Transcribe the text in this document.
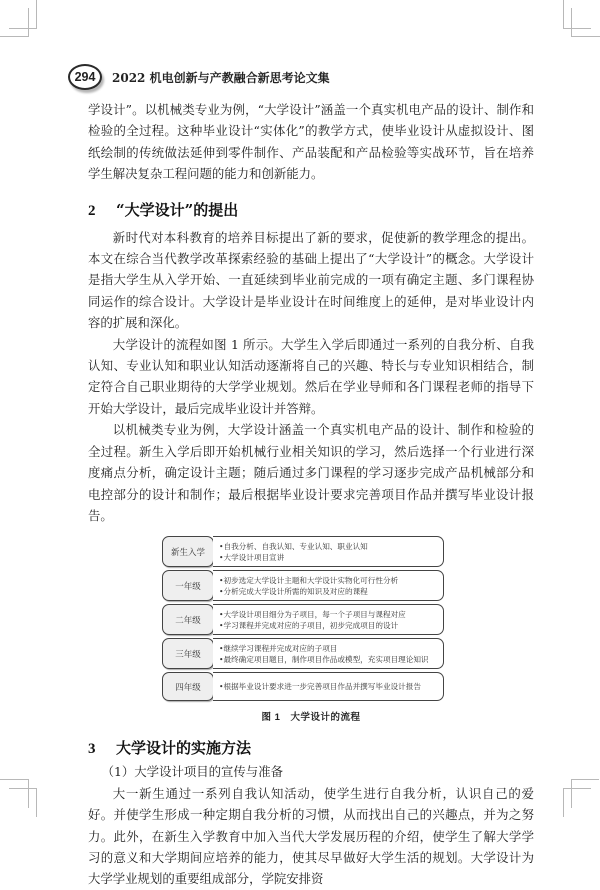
294	2022 机电创新与产教融合新思考论文集

学设计”。以机械类专业为例，“大学设计”涵盖一个真实机电产品的设计、制作和检验的全过程。这种毕业设计“实体化”的教学方式，使毕业设计从虚拟设计、图纸绘制的传统做法延伸到零件制作、产品装配和产品检验等实战环节，旨在培养学生解决复杂工程问题的能力和创新能力。

2 “大学设计”的提出

新时代对本科教育的培养目标提出了新的要求，促使新的教学理念的提出。本文在综合当代教学改革探索经验的基础上提出了“大学设计”的概念。大学设计是指大学生从入学开始、一直延续到毕业前完成的一项有确定主题、多门课程协同运作的综合设计。大学设计是毕业设计在时间维度上的延伸，是对毕业设计内容的扩展和深化。

大学设计的流程如图 1 所示。大学生入学后即通过一系列的自我分析、自我认知、专业认知和职业认知活动逐渐将自己的兴趣、特长与专业知识相结合，制定符合自己职业期待的大学学业规划。然后在学业导师和各门课程老师的指导下开始大学设计，最后完成毕业设计并答辩。

以机械类专业为例，大学设计涵盖一个真实机电产品的设计、制作和检验的全过程。新生入学后即开始机械行业相关知识的学习，然后选择一个行业进行深度痛点分析，确定设计主题；随后通过多门课程的学习逐步完成产品机械部分和电控部分的设计和制作；最后根据毕业设计要求完善项目作品并撰写毕业设计报告。

新生入学
•自我分析、自我认知、专业认知、职业认知
•大学设计项目宣讲
一年级
•初步选定大学设计主题和大学设计实物化可行性分析
•分析完成大学设计所需的知识及对应的课程
二年级
•大学设计项目细分为子项目，每一个子项目与课程对应
•学习课程并完成对应的子项目，初步完成项目的设计
三年级
•继续学习课程并完成对应的子项目
•最终确定项目题目，制作项目作品或模型，充实项目理论知识
四年级	•根据毕业设计要求进一步完善项目作品并撰写毕业设计报告
图 1　大学设计的流程
3 大学设计的实施方法

（1）大学设计项目的宣传与准备

大一新生通过一系列自我认知活动，使学生进行自我分析，认识自己的爱好。并使学生形成一种定期自我分析的习惯，从而找出自己的兴趣点，并为之努力。此外，在新生入学教育中加入当代大学发展历程的介绍，使学生了解大学学习的意义和大学期间应培养的能力，使其尽早做好大学生活的规划。大学设计为大学学业规划的重要组成部分，学院安排资
